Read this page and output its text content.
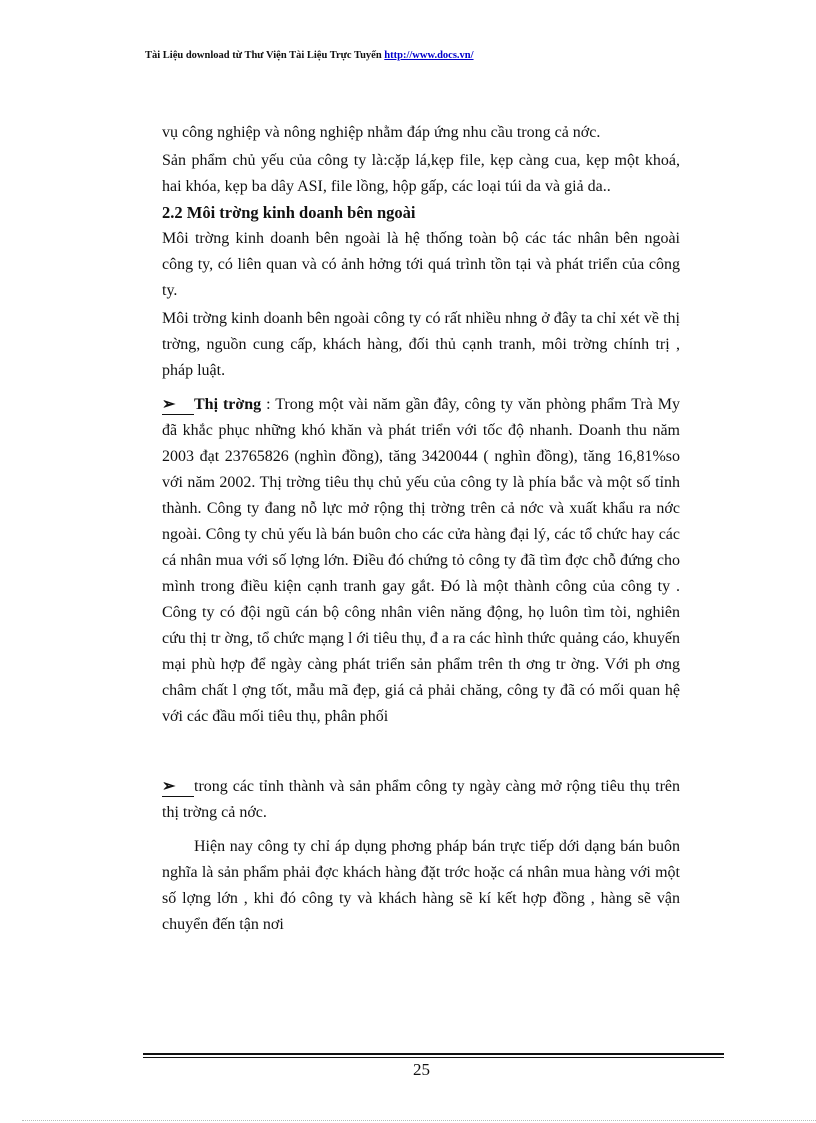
Tài Liệu download từ Thư Viện Tài Liệu Trực Tuyến http://www.docs.vn/

vụ công nghiệp và nông nghiệp nhằm đáp ứng nhu cầu trong cả nớc.

Sản phẩm chủ yếu của công ty là:cặp lá,kẹp file, kẹp càng cua, kẹp một khoá, hai khóa, kẹp ba dây ASI, file lồng, hộp gấp, các loại túi da và giả da..

2.2 Môi trờng kinh doanh bên ngoài

Môi trờng kinh doanh bên ngoài là hệ thống toàn bộ các tác nhân bên ngoài công ty, có liên quan và có ảnh hởng tới quá trình tồn tại và phát triển của công ty.

Môi trờng kinh doanh bên ngoài công ty có rất nhiều nhng ở đây ta chỉ xét về thị trờng, nguồn cung cấp, khách hàng, đối thủ cạnh tranh, môi trờng chính trị , pháp luật.

➢ Thị trờng : Trong một vài năm gần đây, công ty văn phòng phẩm Trà My đã khắc phục những khó khăn và phát triển với tốc độ nhanh. Doanh thu năm 2003 đạt 23765826 (nghìn đồng), tăng 3420044 ( nghìn đồng), tăng 16,81%so với năm 2002. Thị trờng tiêu thụ chủ yếu của công ty là phía bắc và một số tỉnh thành. Công ty đang nỗ lực mở rộng thị trờng trên cả nớc và xuất khẩu ra nớc ngoài. Công ty chủ yếu là bán buôn cho các cửa hàng đại lý, các tổ chức hay các cá nhân mua với số lợng lớn. Điều đó chứng tỏ công ty đã tìm đợc chỗ đứng cho mình trong điều kiện cạnh tranh gay gắt. Đó là một thành công của công ty . Công ty có đội ngũ cán bộ công nhân viên năng động, họ luôn tìm tòi, nghiên cứu thị tr ờng, tổ chức mạng l ới tiêu thụ, đ a ra các hình thức quảng cáo, khuyến mại phù hợp để ngày càng phát triển sản phẩm trên th ơng tr ờng. Với ph ơng châm chất l ợng tốt, mẫu mã đẹp, giá cả phải chăng, công ty đã có mối quan hệ với các đầu mối tiêu thụ, phân phối

➢ trong các tỉnh thành và sản phẩm công ty ngày càng mở rộng tiêu thụ trên thị trờng cả nớc.

Hiện nay công ty chỉ áp dụng phơng pháp bán trực tiếp dới dạng bán buôn nghĩa là sản phẩm phải đợc khách hàng đặt trớc hoặc cá nhân mua hàng với một số lợng lớn , khi đó công ty và khách hàng sẽ kí kết hợp đồng , hàng sẽ vận chuyển đến tận nơi

25
